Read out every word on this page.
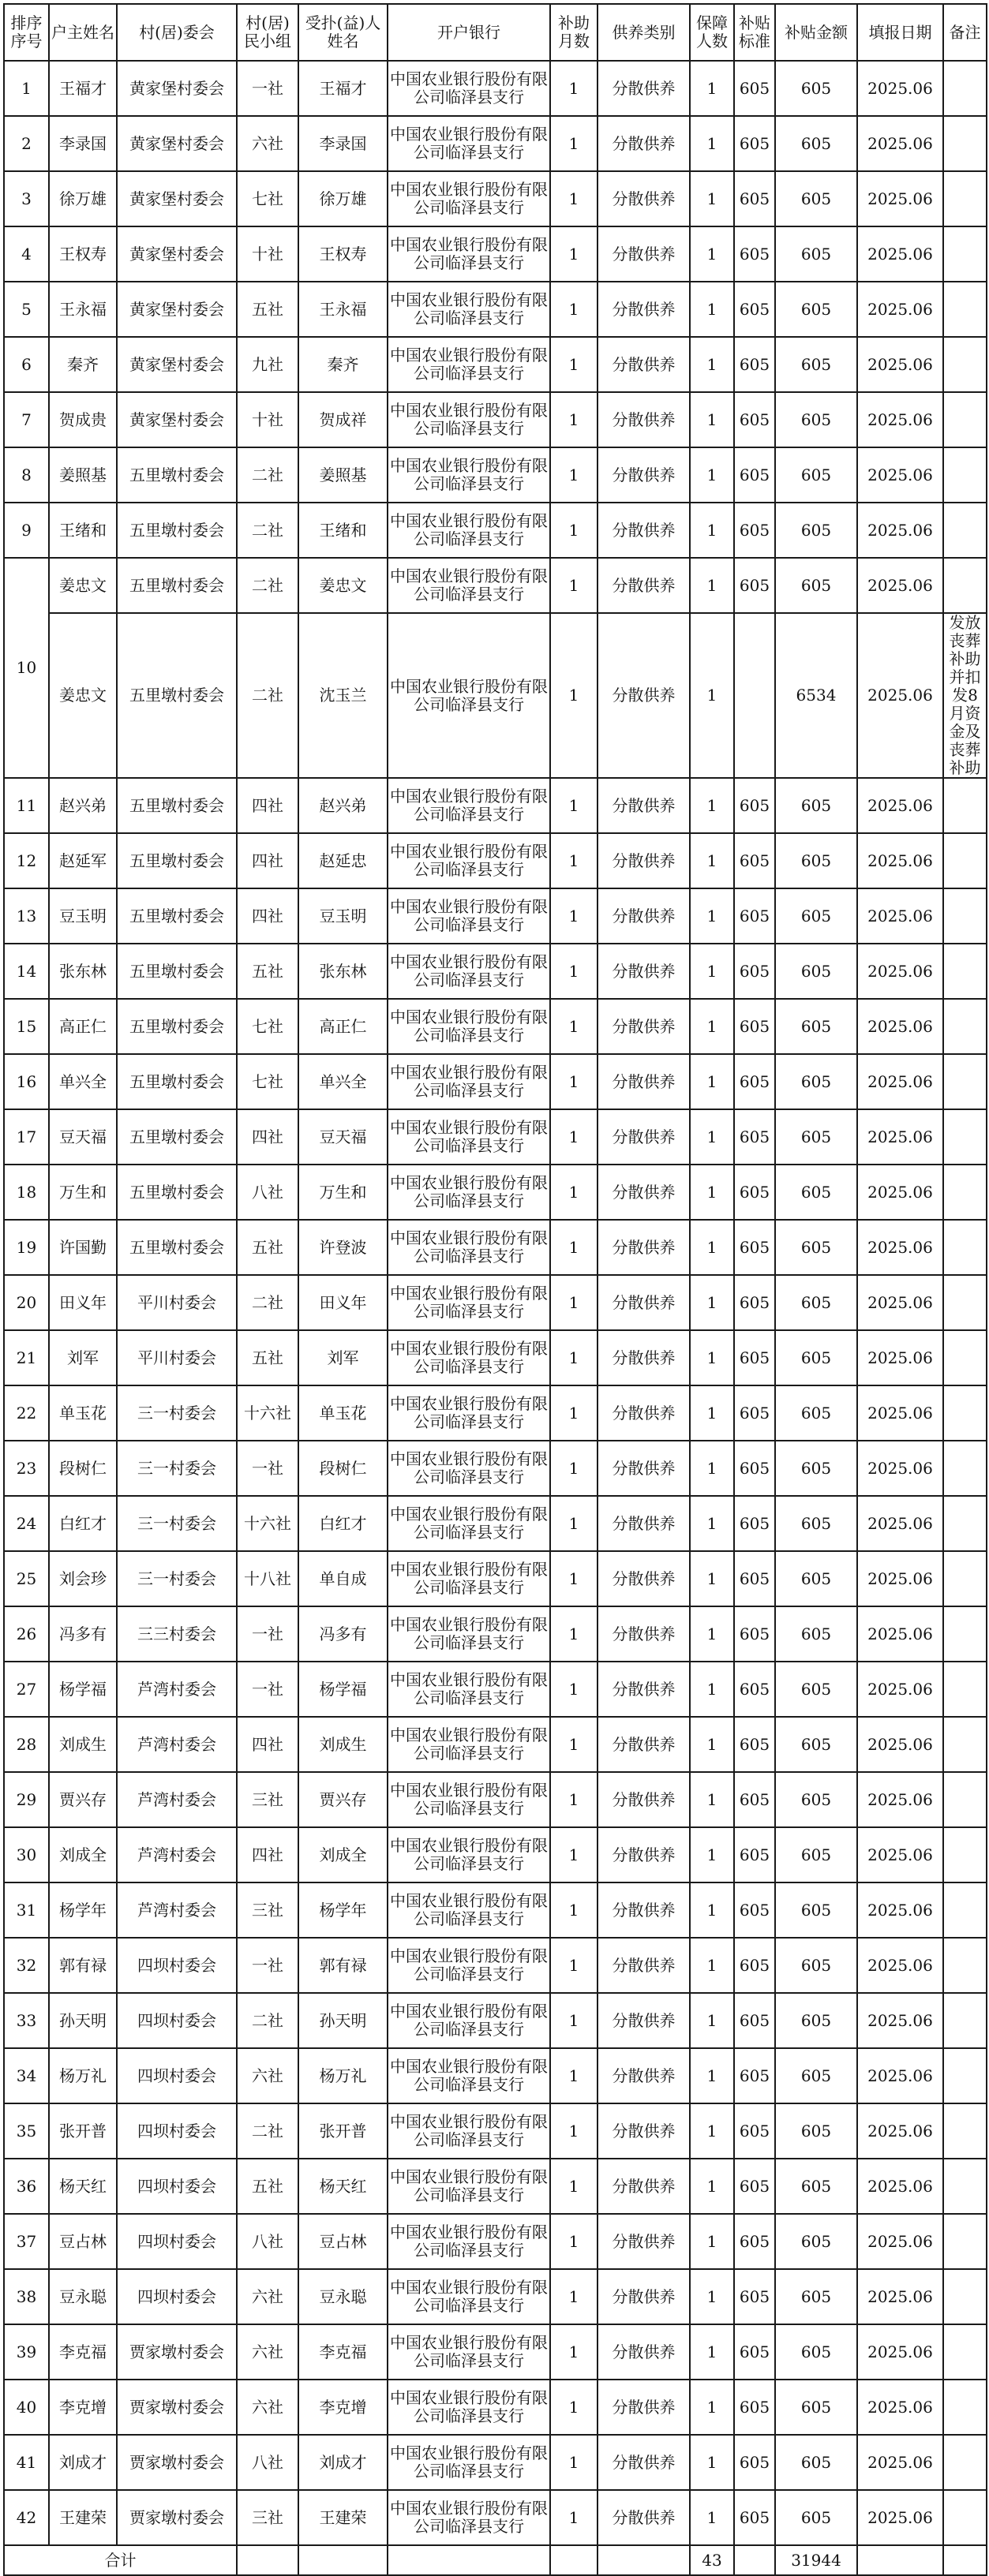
排序序号	户主姓名	村(居)委会	村(居)民小组	受扑(益)人姓名	开户银行	补助月数	供养类别	保障人数	补贴标准	补贴金额	填报日期	备注
1	王福才	黄家堡村委会	一社	王福才	中国农业银行股份有限公司临泽县支行	1	分散供养	1	605	605	2025.06	
2	李录国	黄家堡村委会	六社	李录国	中国农业银行股份有限公司临泽县支行	1	分散供养	1	605	605	2025.06	
3	徐万雄	黄家堡村委会	七社	徐万雄	中国农业银行股份有限公司临泽县支行	1	分散供养	1	605	605	2025.06	
4	王权寿	黄家堡村委会	十社	王权寿	中国农业银行股份有限公司临泽县支行	1	分散供养	1	605	605	2025.06	
5	王永福	黄家堡村委会	五社	王永福	中国农业银行股份有限公司临泽县支行	1	分散供养	1	605	605	2025.06	
6	秦齐	黄家堡村委会	九社	秦齐	中国农业银行股份有限公司临泽县支行	1	分散供养	1	605	605	2025.06	
7	贺成贵	黄家堡村委会	十社	贺成祥	中国农业银行股份有限公司临泽县支行	1	分散供养	1	605	605	2025.06	
8	姜照基	五里墩村委会	二社	姜照基	中国农业银行股份有限公司临泽县支行	1	分散供养	1	605	605	2025.06	
9	王绪和	五里墩村委会	二社	王绪和	中国农业银行股份有限公司临泽县支行	1	分散供养	1	605	605	2025.06	
10	姜忠文	五里墩村委会	二社	姜忠文	中国农业银行股份有限公司临泽县支行	1	分散供养	1	605	605	2025.06	
	姜忠文	五里墩村委会	二社	沈玉兰	中国农业银行股份有限公司临泽县支行	1	分散供养	1		6534	2025.06	发放丧葬补助并扣发8月资金及丧葬补助
11	赵兴弟	五里墩村委会	四社	赵兴弟	中国农业银行股份有限公司临泽县支行	1	分散供养	1	605	605	2025.06	
12	赵延军	五里墩村委会	四社	赵延忠	中国农业银行股份有限公司临泽县支行	1	分散供养	1	605	605	2025.06	
13	豆玉明	五里墩村委会	四社	豆玉明	中国农业银行股份有限公司临泽县支行	1	分散供养	1	605	605	2025.06	
14	张东林	五里墩村委会	五社	张东林	中国农业银行股份有限公司临泽县支行	1	分散供养	1	605	605	2025.06	
15	高正仁	五里墩村委会	七社	高正仁	中国农业银行股份有限公司临泽县支行	1	分散供养	1	605	605	2025.06	
16	单兴全	五里墩村委会	七社	单兴全	中国农业银行股份有限公司临泽县支行	1	分散供养	1	605	605	2025.06	
17	豆天福	五里墩村委会	四社	豆天福	中国农业银行股份有限公司临泽县支行	1	分散供养	1	605	605	2025.06	
18	万生和	五里墩村委会	八社	万生和	中国农业银行股份有限公司临泽县支行	1	分散供养	1	605	605	2025.06	
19	许国勤	五里墩村委会	五社	许登波	中国农业银行股份有限公司临泽县支行	1	分散供养	1	605	605	2025.06	
20	田义年	平川村委会	二社	田义年	中国农业银行股份有限公司临泽县支行	1	分散供养	1	605	605	2025.06	
21	刘军	平川村委会	五社	刘军	中国农业银行股份有限公司临泽县支行	1	分散供养	1	605	605	2025.06	
22	单玉花	三一村委会	十六社	单玉花	中国农业银行股份有限公司临泽县支行	1	分散供养	1	605	605	2025.06	
23	段树仁	三一村委会	一社	段树仁	中国农业银行股份有限公司临泽县支行	1	分散供养	1	605	605	2025.06	
24	白红才	三一村委会	十六社	白红才	中国农业银行股份有限公司临泽县支行	1	分散供养	1	605	605	2025.06	
25	刘会珍	三一村委会	十八社	单自成	中国农业银行股份有限公司临泽县支行	1	分散供养	1	605	605	2025.06	
26	冯多有	三三村委会	一社	冯多有	中国农业银行股份有限公司临泽县支行	1	分散供养	1	605	605	2025.06	
27	杨学福	芦湾村委会	一社	杨学福	中国农业银行股份有限公司临泽县支行	1	分散供养	1	605	605	2025.06	
28	刘成生	芦湾村委会	四社	刘成生	中国农业银行股份有限公司临泽县支行	1	分散供养	1	605	605	2025.06	
29	贾兴存	芦湾村委会	三社	贾兴存	中国农业银行股份有限公司临泽县支行	1	分散供养	1	605	605	2025.06	
30	刘成全	芦湾村委会	四社	刘成全	中国农业银行股份有限公司临泽县支行	1	分散供养	1	605	605	2025.06	
31	杨学年	芦湾村委会	三社	杨学年	中国农业银行股份有限公司临泽县支行	1	分散供养	1	605	605	2025.06	
32	郭有禄	四坝村委会	一社	郭有禄	中国农业银行股份有限公司临泽县支行	1	分散供养	1	605	605	2025.06	
33	孙天明	四坝村委会	二社	孙天明	中国农业银行股份有限公司临泽县支行	1	分散供养	1	605	605	2025.06	
34	杨万礼	四坝村委会	六社	杨万礼	中国农业银行股份有限公司临泽县支行	1	分散供养	1	605	605	2025.06	
35	张开普	四坝村委会	二社	张开普	中国农业银行股份有限公司临泽县支行	1	分散供养	1	605	605	2025.06	
36	杨天红	四坝村委会	五社	杨天红	中国农业银行股份有限公司临泽县支行	1	分散供养	1	605	605	2025.06	
37	豆占林	四坝村委会	八社	豆占林	中国农业银行股份有限公司临泽县支行	1	分散供养	1	605	605	2025.06	
38	豆永聪	四坝村委会	六社	豆永聪	中国农业银行股份有限公司临泽县支行	1	分散供养	1	605	605	2025.06	
39	李克福	贾家墩村委会	六社	李克福	中国农业银行股份有限公司临泽县支行	1	分散供养	1	605	605	2025.06	
40	李克增	贾家墩村委会	六社	李克增	中国农业银行股份有限公司临泽县支行	1	分散供养	1	605	605	2025.06	
41	刘成才	贾家墩村委会	八社	刘成才	中国农业银行股份有限公司临泽县支行	1	分散供养	1	605	605	2025.06	
42	王建荣	贾家墩村委会	三社	王建荣	中国农业银行股份有限公司临泽县支行	1	分散供养	1	605	605	2025.06	
合计								43		31944		
